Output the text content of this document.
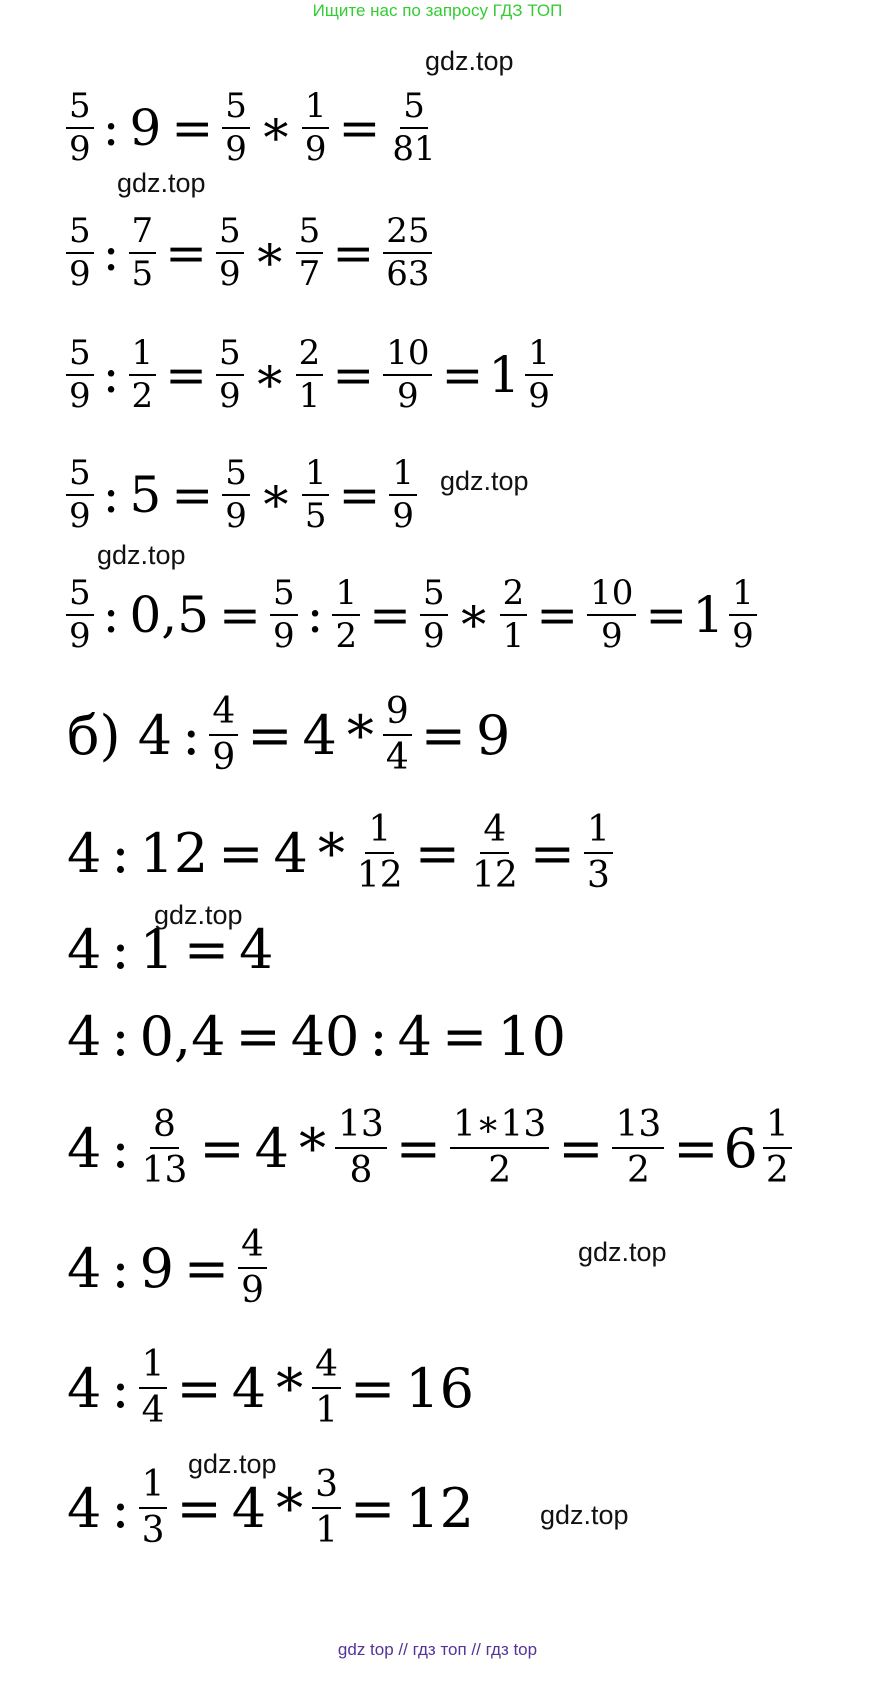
Ищите нас по запросу ГДЗ ТОП
$\frac{5}{9}$ : $9 = \frac{5}{9}$ ∗ $\frac{1}{9} = \frac{5}{81}$
$\frac{5}{9}$ : $\frac{7}{5} = \frac{5}{9}$ ∗ $\frac{5}{7} = \frac{25}{63}$
$\frac{5}{9}$ : $\frac{1}{2} = \frac{5}{9}$ ∗ $\frac{2}{1} = \frac{10}{9} = 1 \frac{1}{9}$
$\frac{5}{9}$ : $5 = \frac{5}{9}$ ∗ $\frac{1}{5} = \frac{1}{9}$
$\frac{5}{9}$ : $0,5 = \frac{5}{9}$ : $\frac{1}{2} = \frac{5}{9}$ ∗ $\frac{2}{1} = \frac{10}{9} = 1 \frac{1}{9}$
б) 4 : $\frac{4}{9} = 4 * \frac{9}{4} = 9$
4 : $12 = 4 * \frac{1}{12} = \frac{4}{12} = \frac{1}{3}$
4 : 1 = 4
4 : 0,4 = 40 : 4 = 10
4 : $\frac{8}{13} = 4 * \frac{13}{8} = \frac{1∗13}{2} = \frac{13}{2} = 6 \frac{1}{2}$
4 : $9 = \frac{4}{9}$
4 : $\frac{1}{4} = 4 * \frac{4}{1} = 16$
4 : $\frac{1}{3} = 4 * \frac{3}{1} = 12$
gdz.top
gdz.top
gdz.top
gdz.top
gdz.top
gdz.top
gdz.top
gdz.top
gdz top // гдз топ // гдз top
